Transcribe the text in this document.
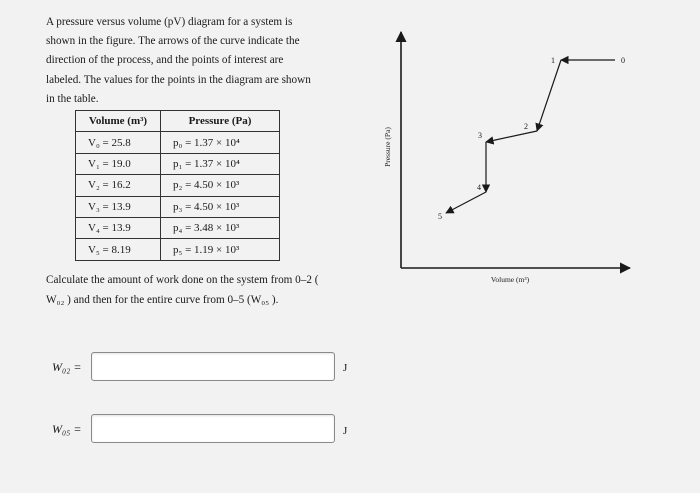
A pressure versus volume (pV) diagram for a system is
shown in the figure. The arrows of the curve indicate the
direction of the process, and the points of interest are
labeled. The values for the points in the diagram are shown
in the table.
Volume (m³)	Pressure (Pa)
V₀ = 25.8	p₀ = 1.37 × 10⁴
V₁ = 19.0	p₁ = 1.37 × 10⁴
V₂ = 16.2	p₂ = 4.50 × 10³
V₃ = 13.9	p₃ = 4.50 × 10³
V₄ = 13.9	p₄ = 3.48 × 10³
V₅ = 8.19	p₅ = 1.19 × 10³
Pressure (Pa)
Volume (m³)
0
1
2
3
4
5
Calculate the amount of work done on the system from 0–2 (
W₀₂ ) and then for the entire curve from 0–5 (W₀₅ ).
W₀₂ =	J
W₀₅ =	J
